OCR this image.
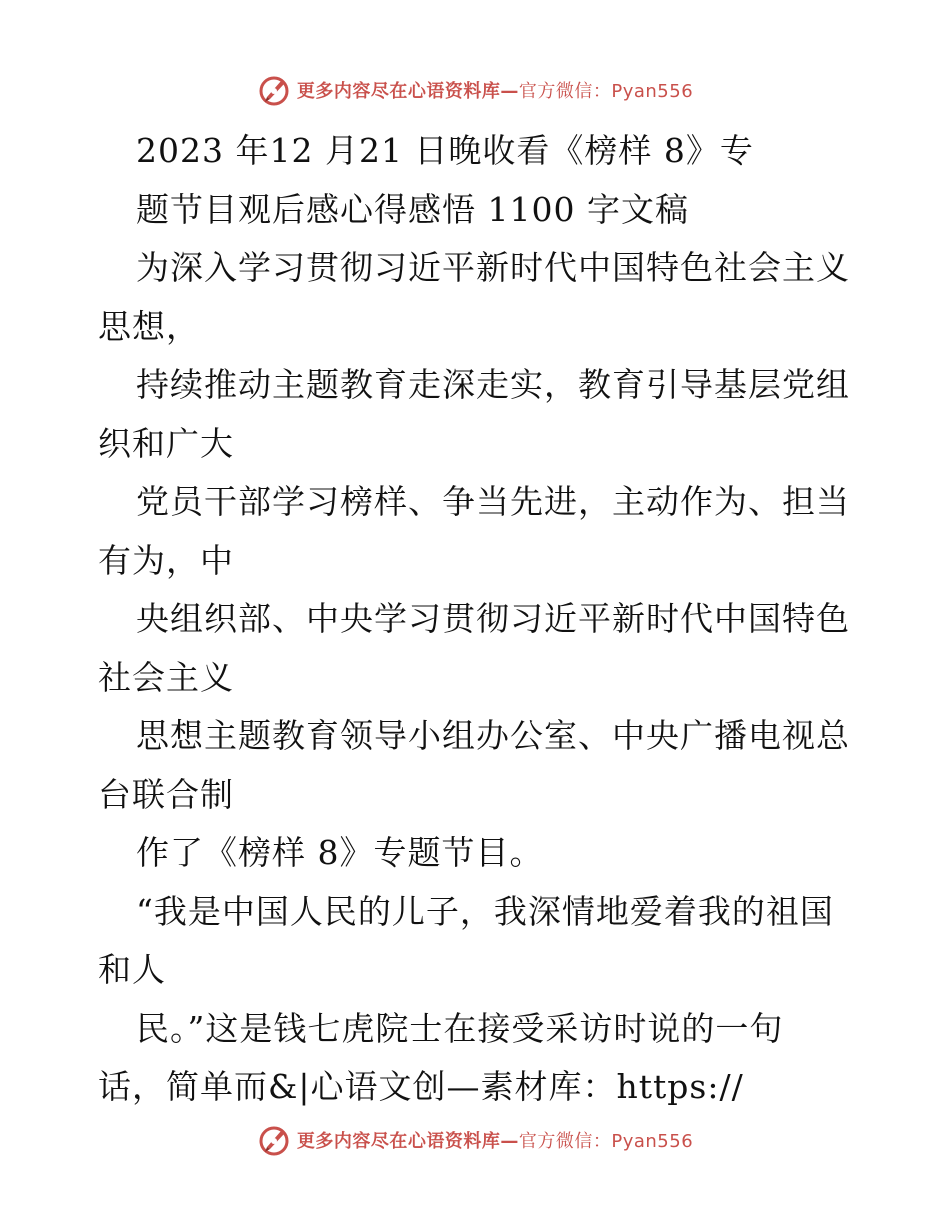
更多内容尽在心语资料库—官方微信：Pyan556
2023 年12 月21 日晚收看《榜样 8》专
题节目观后感心得感悟 1100 字文稿
为深入学习贯彻习近平新时代中国特色社会主义
思想，
持续推动主题教育走深走实，教育引导基层党组
织和广大
党员干部学习榜样、争当先进，主动作为、担当
有为，中
央组织部、中央学习贯彻习近平新时代中国特色
社会主义
思想主题教育领导小组办公室、中央广播电视总
台联合制
作了《榜样 8》专题节目。
“我是中国人民的儿子，我深情地爱着我的祖国
和人
民。”这是钱七虎院士在接受采访时说的一句
话，简单而&|心语文创—素材库：https://
更多内容尽在心语资料库—官方微信：Pyan556
